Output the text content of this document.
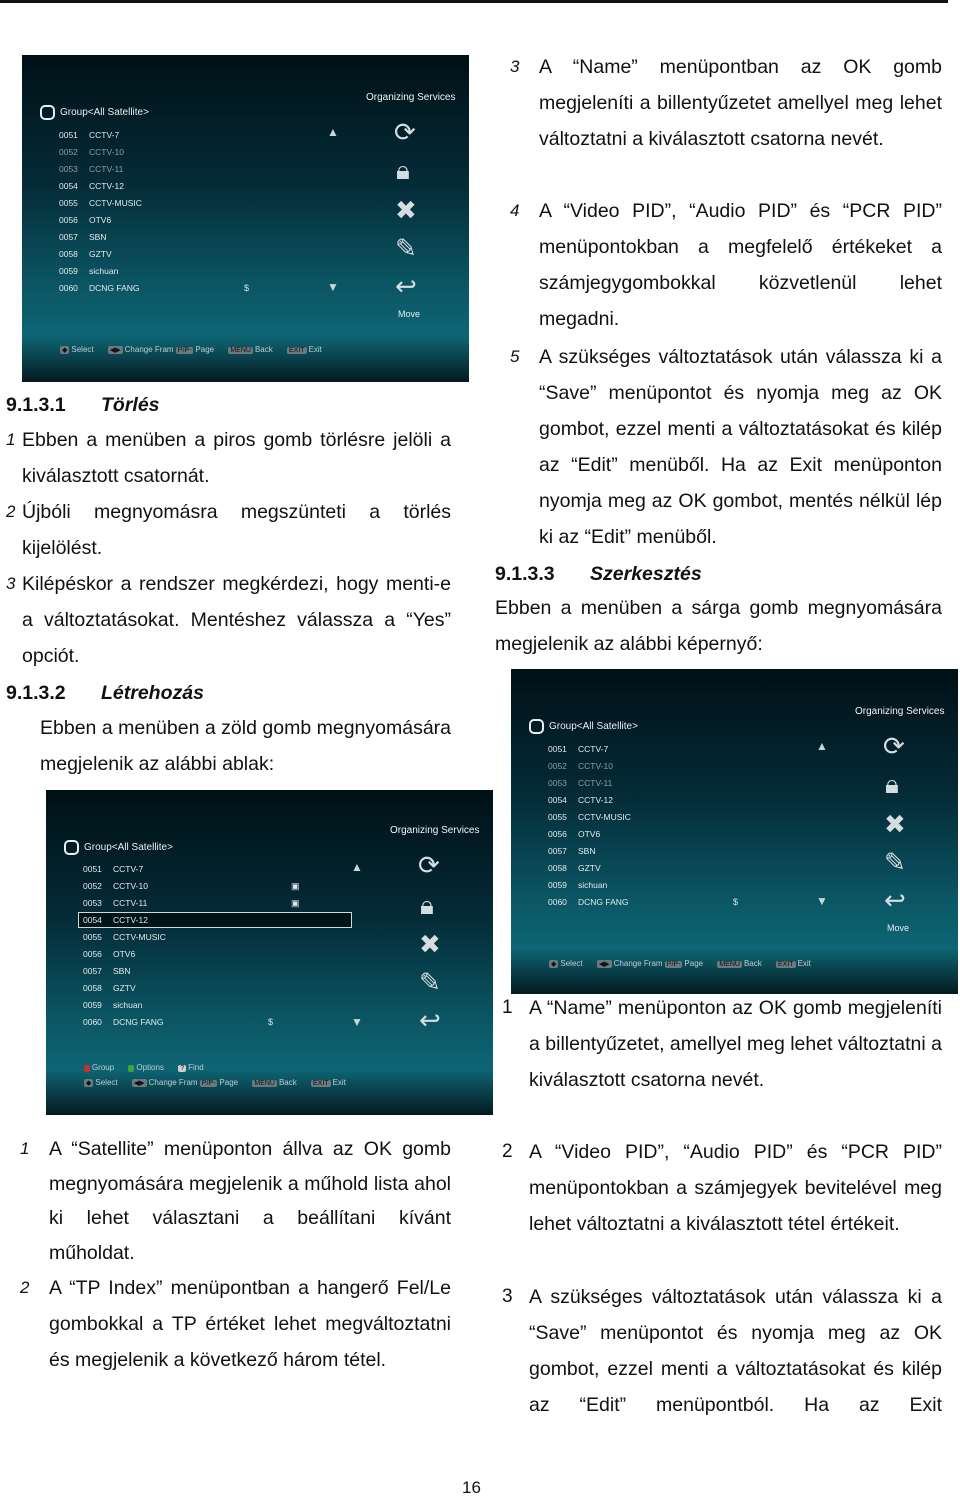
Group<All Satellite>
Organizing Services
0051 CCTV-7
0052 CCTV-10
0053 CCTV-11
0054 CCTV-12
0055 CCTV-MUSIC
0056 OTV6
0057 SBN
0058 GZTV
0059 sichuan
0060 DCNG FANG	$
▲
▼
⟳
🔒︎
✖
✎
↩
Move
◆ Select ◀▶ Change Fram P/P- Page MENU Back EXIT Exit
9.1.3.1 Törlés
1 Ebben a menüben a piros gomb törlésre jelöli a kiválasztott csatornát.
2 Újbóli megnyomásra megszünteti a törlés kijelölést.
3 Kilépéskor a rendszer megkérdezi, hogy menti-e a változtatásokat. Mentéshez válassza a “Yes” opciót.
9.1.3.2 Létrehozás
Ebben a menüben a zöld gomb megnyomására megjelenik az alábbi ablak:
Group<All Satellite>
Organizing Services
0051 CCTV-7
0052 CCTV-10
0053 CCTV-11
0054 CCTV-12
0055 CCTV-MUSIC
0056 OTV6
0057 SBN
0058 GZTV
0059 sichuan
0060 DCNG FANG	$
▣
▣
▲
▼
⟳
🔒︎
✖
✎
↩
Group	Options ? Find
◆ Select ◀▶ Change Fram P/P- Page MENU Back EXIT Exit
1 A “Satellite” menüponton állva az OK gomb megnyomására megjelenik a műhold lista ahol ki lehet választani a beállítani kívánt műholdat.
2 A “TP Index” menüpontban a hangerő Fel/Le gombokkal a TP értéket lehet megváltoztatni és megjelenik a következő három tétel.
3 A “Name” menüpontban az OK gomb megjeleníti a billentyűzetet amellyel meg lehet változtatni a kiválasztott csatorna nevét.
4 A “Video PID”, “Audio PID” és “PCR PID” menüpontokban a megfelelő értékeket a számjegygombokkal közvetlenül lehet megadni.
5 A szükséges változtatások után válassza ki a “Save” menüpontot és nyomja meg az OK gombot, ezzel menti a változtatásokat és kilép az “Edit” menüből. Ha az Exit menüponton nyomja meg az OK gombot, mentés nélkül lép ki az “Edit” menüből.
9.1.3.3 Szerkesztés
Ebben a menüben a sárga gomb megnyomására megjelenik az alábbi képernyő:
Group<All Satellite>
Organizing Services
0051 CCTV-7
0052 CCTV-10
0053 CCTV-11
0054 CCTV-12
0055 CCTV-MUSIC
0056 OTV6
0057 SBN
0058 GZTV
0059 sichuan
0060 DCNG FANG	$
▲
▼
⟳
🔒︎
✖
✎
↩
Move
◆ Select ◀▶ Change Fram P/P- Page MENU Back EXIT Exit
1 A “Name” menüponton az OK gomb megjeleníti a billentyűzetet, amellyel meg lehet változtatni a kiválasztott csatorna nevét.
2 A “Video PID”, “Audio PID” és “PCR PID” menüpontokban a számjegyek bevitelével meg lehet változtatni a kiválasztott tétel értékeit.
3 A szükséges változtatások után válassza ki a “Save” menüpontot és nyomja meg az OK gombot, ezzel menti a változtatásokat és kilép az “Edit” menüpontból. Ha az Exit
16
